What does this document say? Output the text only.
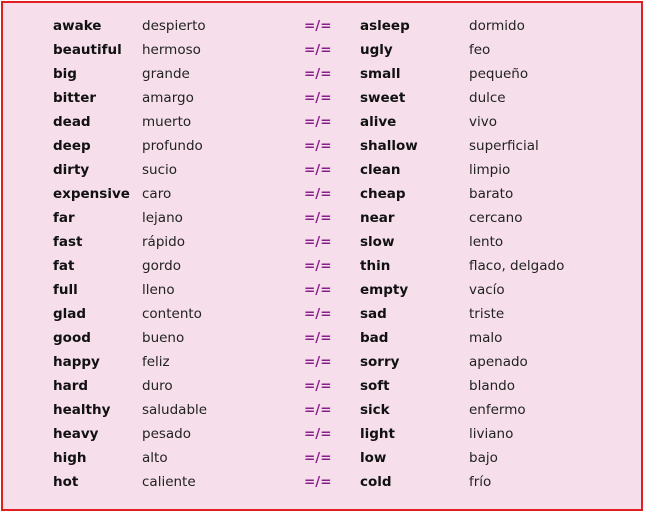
awake	despierto	=/= asleep	dormido
beautiful hermoso	=/= ugly	feo
big	grande	=/= small	pequeño
bitter	amargo	=/= sweet	dulce
dead	muerto	=/= alive	vivo
deep	profundo	=/= shallow	superficial
dirty	sucio	=/= clean	limpio
expensive caro	=/= cheap	barato
far	lejano	=/= near	cercano
fast	rápido	=/= slow	lento
fat	gordo	=/= thin	flaco, delgado
full	lleno	=/= empty	vacío
glad	contento	=/= sad	triste
good	bueno	=/= bad	malo
happy	feliz	=/= sorry	apenado
hard	duro	=/= soft	blando
healthy saludable	=/= sick	enfermo
heavy	pesado	=/= light	liviano
high	alto	=/= low	bajo
hot	caliente	=/= cold	frío
